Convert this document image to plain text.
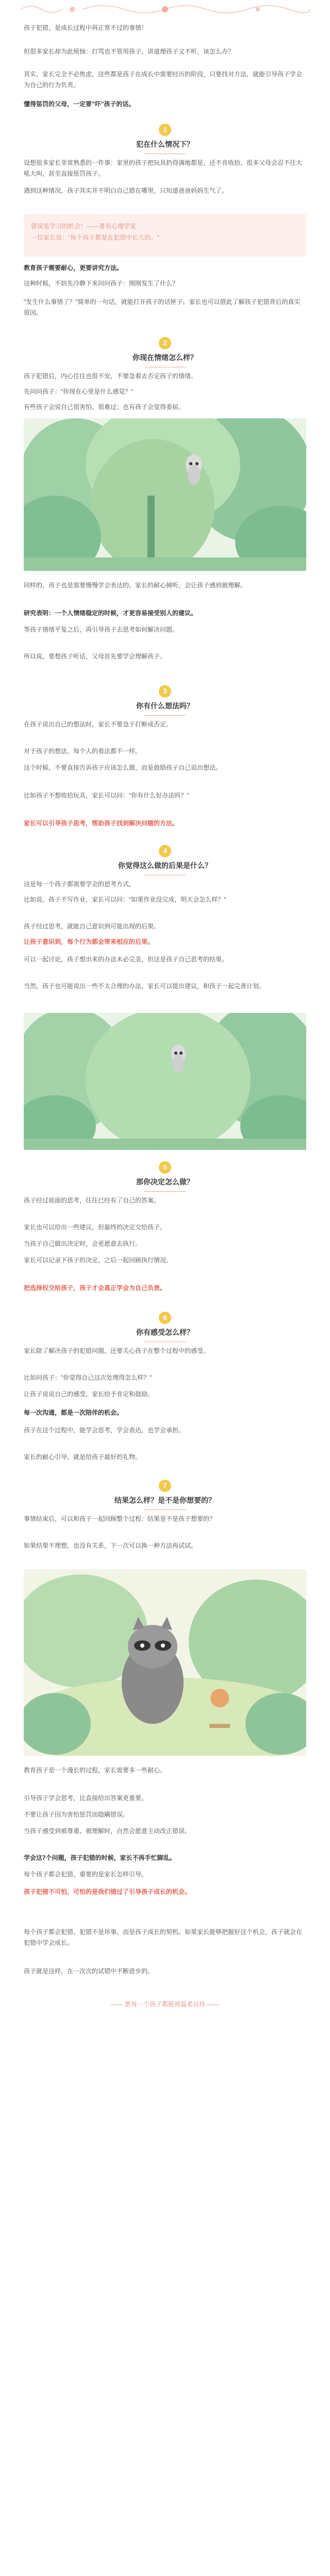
孩子犯错，是成长过程中再正常不过的事情！

但很多家长却为此烦恼：打骂也不管用孩子，讲道理孩子又不听，该怎么办？

其实，家长完全不必焦虑，这些都是孩子在成长中需要经历的阶段，只要找对方法，就能引导孩子学会为自己的行为负责。

懂得惩罚的父母，一定要"吓"孩子的话。

1
犯在什么情况下？

设想很多家长非常熟悉的一件事：家里的孩子把玩具扔得满地都是，还不肯收拾，很多父母会忍不住大吼大叫，甚至直接惩罚孩子。

遇到这种情况，孩子其实并不明白自己错在哪里，只知道爸爸妈妈生气了。

错误是学习的机会！——著名心理学家

一位家长说："每个孩子都是在犯错中长大的。"

教育孩子需要耐心，更要讲究方法。

这种时候，不妨先冷静下来问问孩子：刚刚发生了什么？

"发生什么事情了？"简单的一句话，就能打开孩子的话匣子。家长也可以借此了解孩子犯错背后的真实原因。

2
你现在情绪怎么样？

孩子犯错后，内心往往也很不安，不要急着去否定孩子的情绪。

先问问孩子："你现在心里是什么感觉？"

有些孩子会说自己很害怕、很难过；也有孩子会觉得委屈。

同样的，孩子也是需要慢慢学会表达的。家长的耐心倾听，会让孩子感到被理解。

研究表明：一个人情绪稳定的时候，才更容易接受别人的建议。

等孩子情绪平复之后，再引导孩子去思考如何解决问题。

所以说，要想孩子听话，父母首先要学会理解孩子。

3
你有什么想法吗？

在孩子说出自己的想法时，家长不要急于打断或否定。

对于孩子的想法，每个人的看法都不一样。

这个时候，不要直接告诉孩子应该怎么做，而是鼓励孩子自己说出想法。

比如孩子不想收拾玩具，家长可以问："你有什么好办法吗？"

家长可以引导孩子思考，帮助孩子找到解决问题的方法。

4
你觉得这么做的后果是什么？

这是每一个孩子都需要学会的思考方式。

比如说，孩子不写作业，家长可以问："如果作业没完成，明天会怎么样？"

孩子经过思考，就能自己意识到可能出现的后果。

让孩子意识到，每个行为都会带来相应的后果。

可以一起讨论，孩子想出来的办法未必完美，但这是孩子自己思考的结果。

当然，孩子也可能说出一些不太合理的办法，家长可以提出建议，和孩子一起完善计划。

5
那你决定怎么做？

孩子经过前面的思考，往往已经有了自己的答案。

家长也可以给出一些建议，但最终的决定交给孩子。

当孩子自己做出决定时，会更愿意去执行。

家长可以记录下孩子的决定，之后一起回顾执行情况。

把选择权交给孩子，孩子才会真正学会为自己负责。

6
你有感受怎么样？

家长除了解决孩子的犯错问题，还要关心孩子在整个过程中的感受。

比如问孩子："你觉得自己这次处理得怎么样？"

让孩子说说自己的感受，家长给予肯定和鼓励。

每一次沟通，都是一次陪伴的机会。

孩子在这个过程中，能学会思考，学会表达，也学会承担。

家长的耐心引导，就是给孩子最好的礼物。

7
结果怎么样？是不是你想要的？

事情结束后，可以和孩子一起回顾整个过程：结果是不是孩子想要的？

如果结果不理想，也没有关系，下一次可以换一种方法再试试。

教育孩子是一个漫长的过程，家长需要多一些耐心。

引导孩子学会思考，比直接给出答案更重要。

不要让孩子因为害怕惩罚而隐瞒错误。

当孩子感受到被尊重、被理解时，自然会愿意主动改正错误。

学会这7个问题，孩子犯错的时候，家长不再手忙脚乱。

每个孩子都会犯错，重要的是家长怎样引导。

孩子犯错不可怕，可怕的是我们错过了引导孩子成长的机会。

每个孩子都会犯错，犯错不是坏事，而是孩子成长的契机。如果家长能够把握好这个机会，孩子就会在犯错中学会成长。

孩子就是这样，在一次次的试错中不断进步的。

—— 愿每一个孩子都能被温柔以待 ——
